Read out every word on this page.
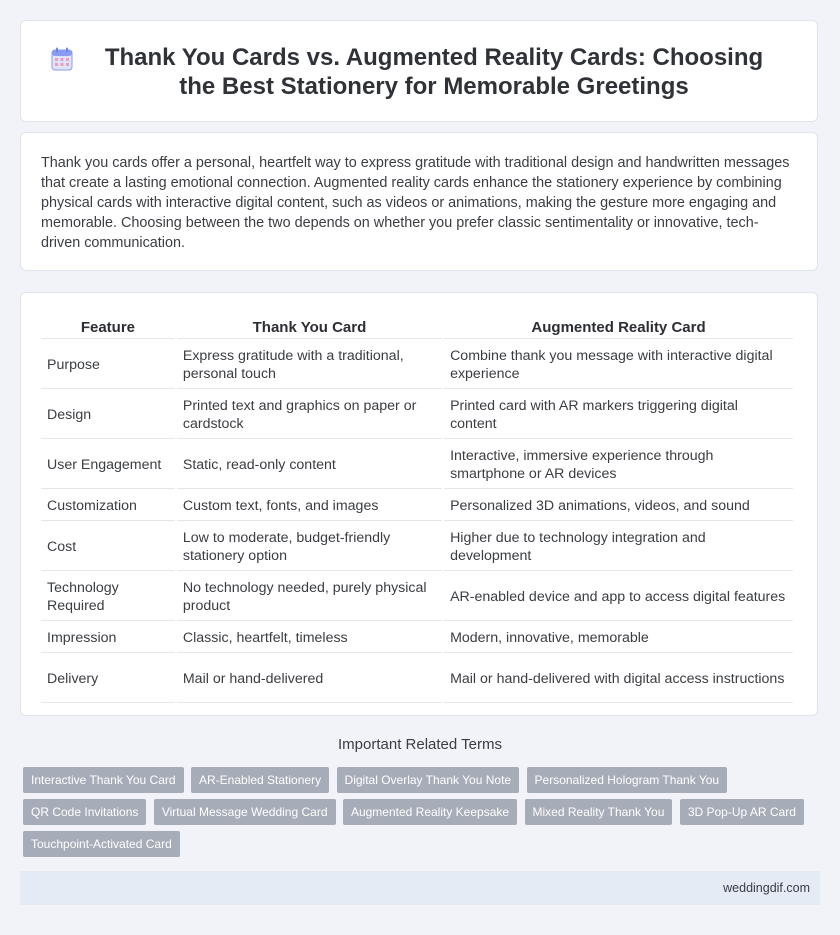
Thank You Cards vs. Augmented Reality Cards: Choosing the Best Stationery for Memorable Greetings

Thank you cards offer a personal, heartfelt way to express gratitude with traditional design and handwritten messages that create a lasting emotional connection. Augmented reality cards enhance the stationery experience by combining physical cards with interactive digital content, such as videos or animations, making the gesture more engaging and memorable. Choosing between the two depends on whether you prefer classic sentimentality or innovative, tech-driven communication.

Feature	Thank You Card	Augmented Reality Card
Purpose	Express gratitude with a traditional, personal touch	Combine thank you message with interactive digital experience
Design	Printed text and graphics on paper or cardstock	Printed card with AR markers triggering digital content
User Engagement	Static, read-only content	Interactive, immersive experience through smartphone or AR devices
Customization	Custom text, fonts, and images	Personalized 3D animations, videos, and sound
Cost	Low to moderate, budget-friendly stationery option	Higher due to technology integration and development
Technology Required	No technology needed, purely physical product	AR-enabled device and app to access digital features
Impression	Classic, heartfelt, timeless	Modern, innovative, memorable
Delivery	Mail or hand-delivered	Mail or hand-delivered with digital access instructions
Important Related Terms
Interactive Thank You Card AR-Enabled Stationery Digital Overlay Thank You Note Personalized Hologram Thank You QR Code Invitations Virtual Message Wedding Card Augmented Reality Keepsake Mixed Reality Thank You 3D Pop-Up AR Card Touchpoint-Activated Card
weddingdif.com
